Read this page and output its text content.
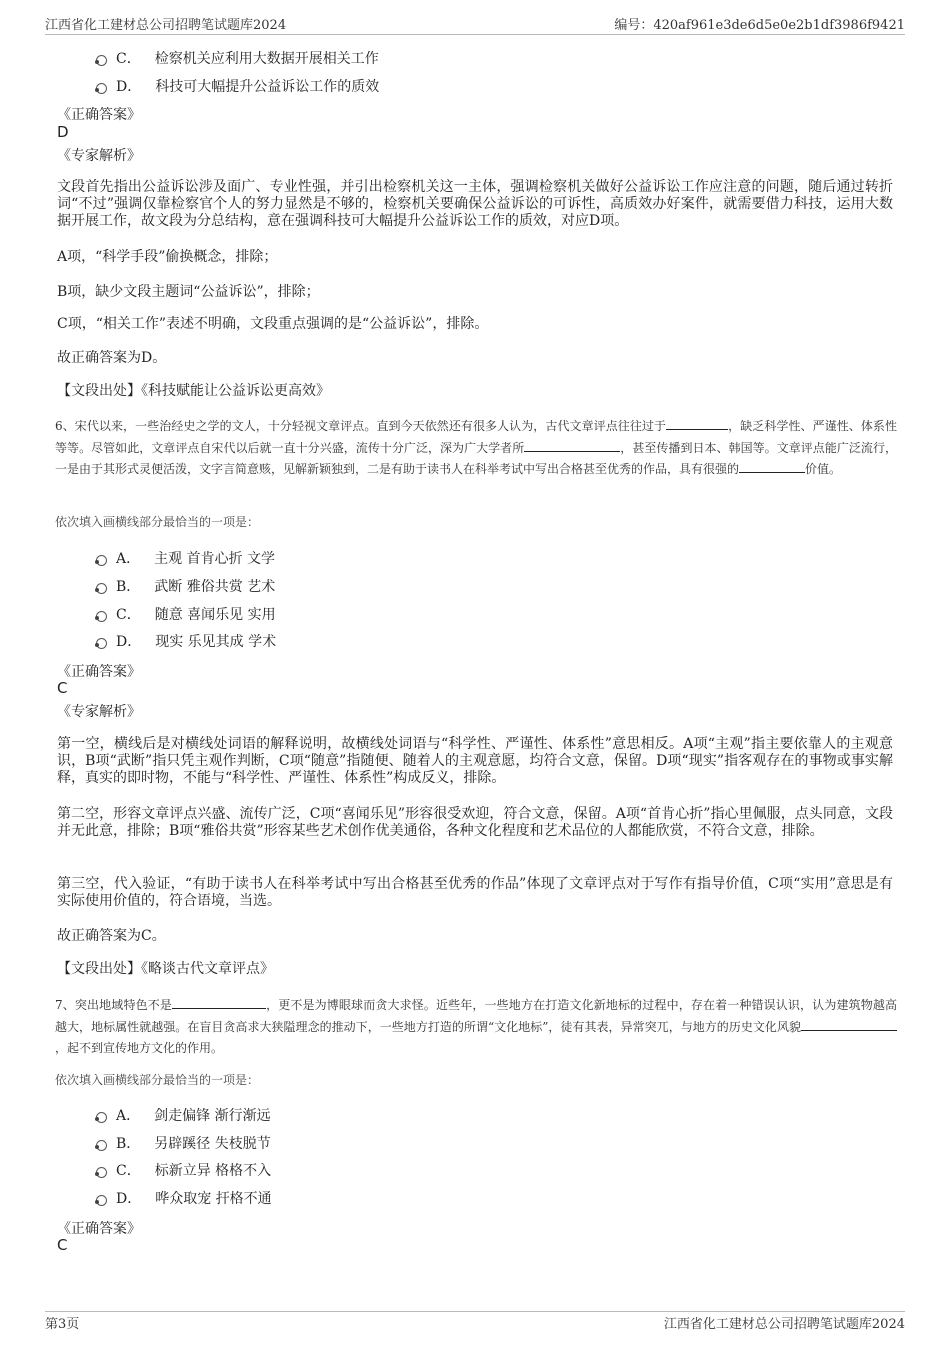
江西省化工建材总公司招聘笔试题库2024	编号：420af961e3de6d5e0e2b1df3986f9421
C． 检察机关应利用大数据开展相关工作
D． 科技可大幅提升公益诉讼工作的质效
《正确答案》
D
《专家解析》
文段首先指出公益诉讼涉及面广、专业性强，并引出检察机关这一主体，强调检察机关做好公益诉讼工作应注意的问题，随后通过转折词“不过”强调仅靠检察官个人的努力显然是不够的，检察机关要确保公益诉讼的可诉性，高质效办好案件，就需要借力科技，运用大数据开展工作，故文段为分总结构，意在强调科技可大幅提升公益诉讼工作的质效，对应D项。
A项，“科学手段”偷换概念，排除；
B项，缺少文段主题词“公益诉讼”，排除；
C项，“相关工作”表述不明确，文段重点强调的是“公益诉讼”，排除。
故正确答案为D。
【文段出处】《科技赋能让公益诉讼更高效》
6、宋代以来，一些治经史之学的文人，十分轻视文章评点。直到今天依然还有很多人认为，古代文章评点往往过于	，缺乏科学性、严谨性、体系性等等。尽管如此，文章评点自宋代以后就一直十分兴盛，流传十分广泛，深为广大学者所	，甚至传播到日本、韩国等。文章评点能广泛流行，一是由于其形式灵便活泼，文字言简意赅，见解新颖独到，二是有助于读书人在科举考试中写出合格甚至优秀的作品，具有很强的	价值。
依次填入画横线部分最恰当的一项是：
A． 主观 首肯心折 文学
B． 武断 雅俗共赏 艺术
C． 随意 喜闻乐见 实用
D． 现实 乐见其成 学术
《正确答案》
C
《专家解析》
第一空，横线后是对横线处词语的解释说明，故横线处词语与“科学性、严谨性、体系性”意思相反。A项“主观”指主要依靠人的主观意识，B项“武断”指只凭主观作判断，C项“随意”指随便、随着人的主观意愿，均符合文意，保留。D项“现实”指客观存在的事物或事实解释，真实的即时物，不能与“科学性、严谨性、体系性”构成反义，排除。
第二空，形容文章评点兴盛、流传广泛，C项“喜闻乐见”形容很受欢迎，符合文意，保留。A项“首肯心折”指心里佩服，点头同意，文段并无此意，排除；B项“雅俗共赏”形容某些艺术创作优美通俗，各种文化程度和艺术品位的人都能欣赏，不符合文意，排除。
第三空，代入验证，“有助于读书人在科举考试中写出合格甚至优秀的作品”体现了文章评点对于写作有指导价值，C项“实用”意思是有实际使用价值的，符合语境，当选。
故正确答案为C。
【文段出处】《略谈古代文章评点》
7、突出地域特色不是	，更不是为博眼球而贪大求怪。近些年，一些地方在打造文化新地标的过程中，存在着一种错误认识，认为建筑物越高越大，地标属性就越强。在盲目贪高求大狭隘理念的推动下，一些地方打造的所谓“文化地标”，徒有其表，异常突兀，与地方的历史文化风貌，起不到宣传地方文化的作用。
依次填入画横线部分最恰当的一项是：
A． 剑走偏锋 渐行渐远
B． 另辟蹊径 失枝脱节
C． 标新立异 格格不入
D． 哗众取宠 扞格不通
《正确答案》
C
第3页	江西省化工建材总公司招聘笔试题库2024
